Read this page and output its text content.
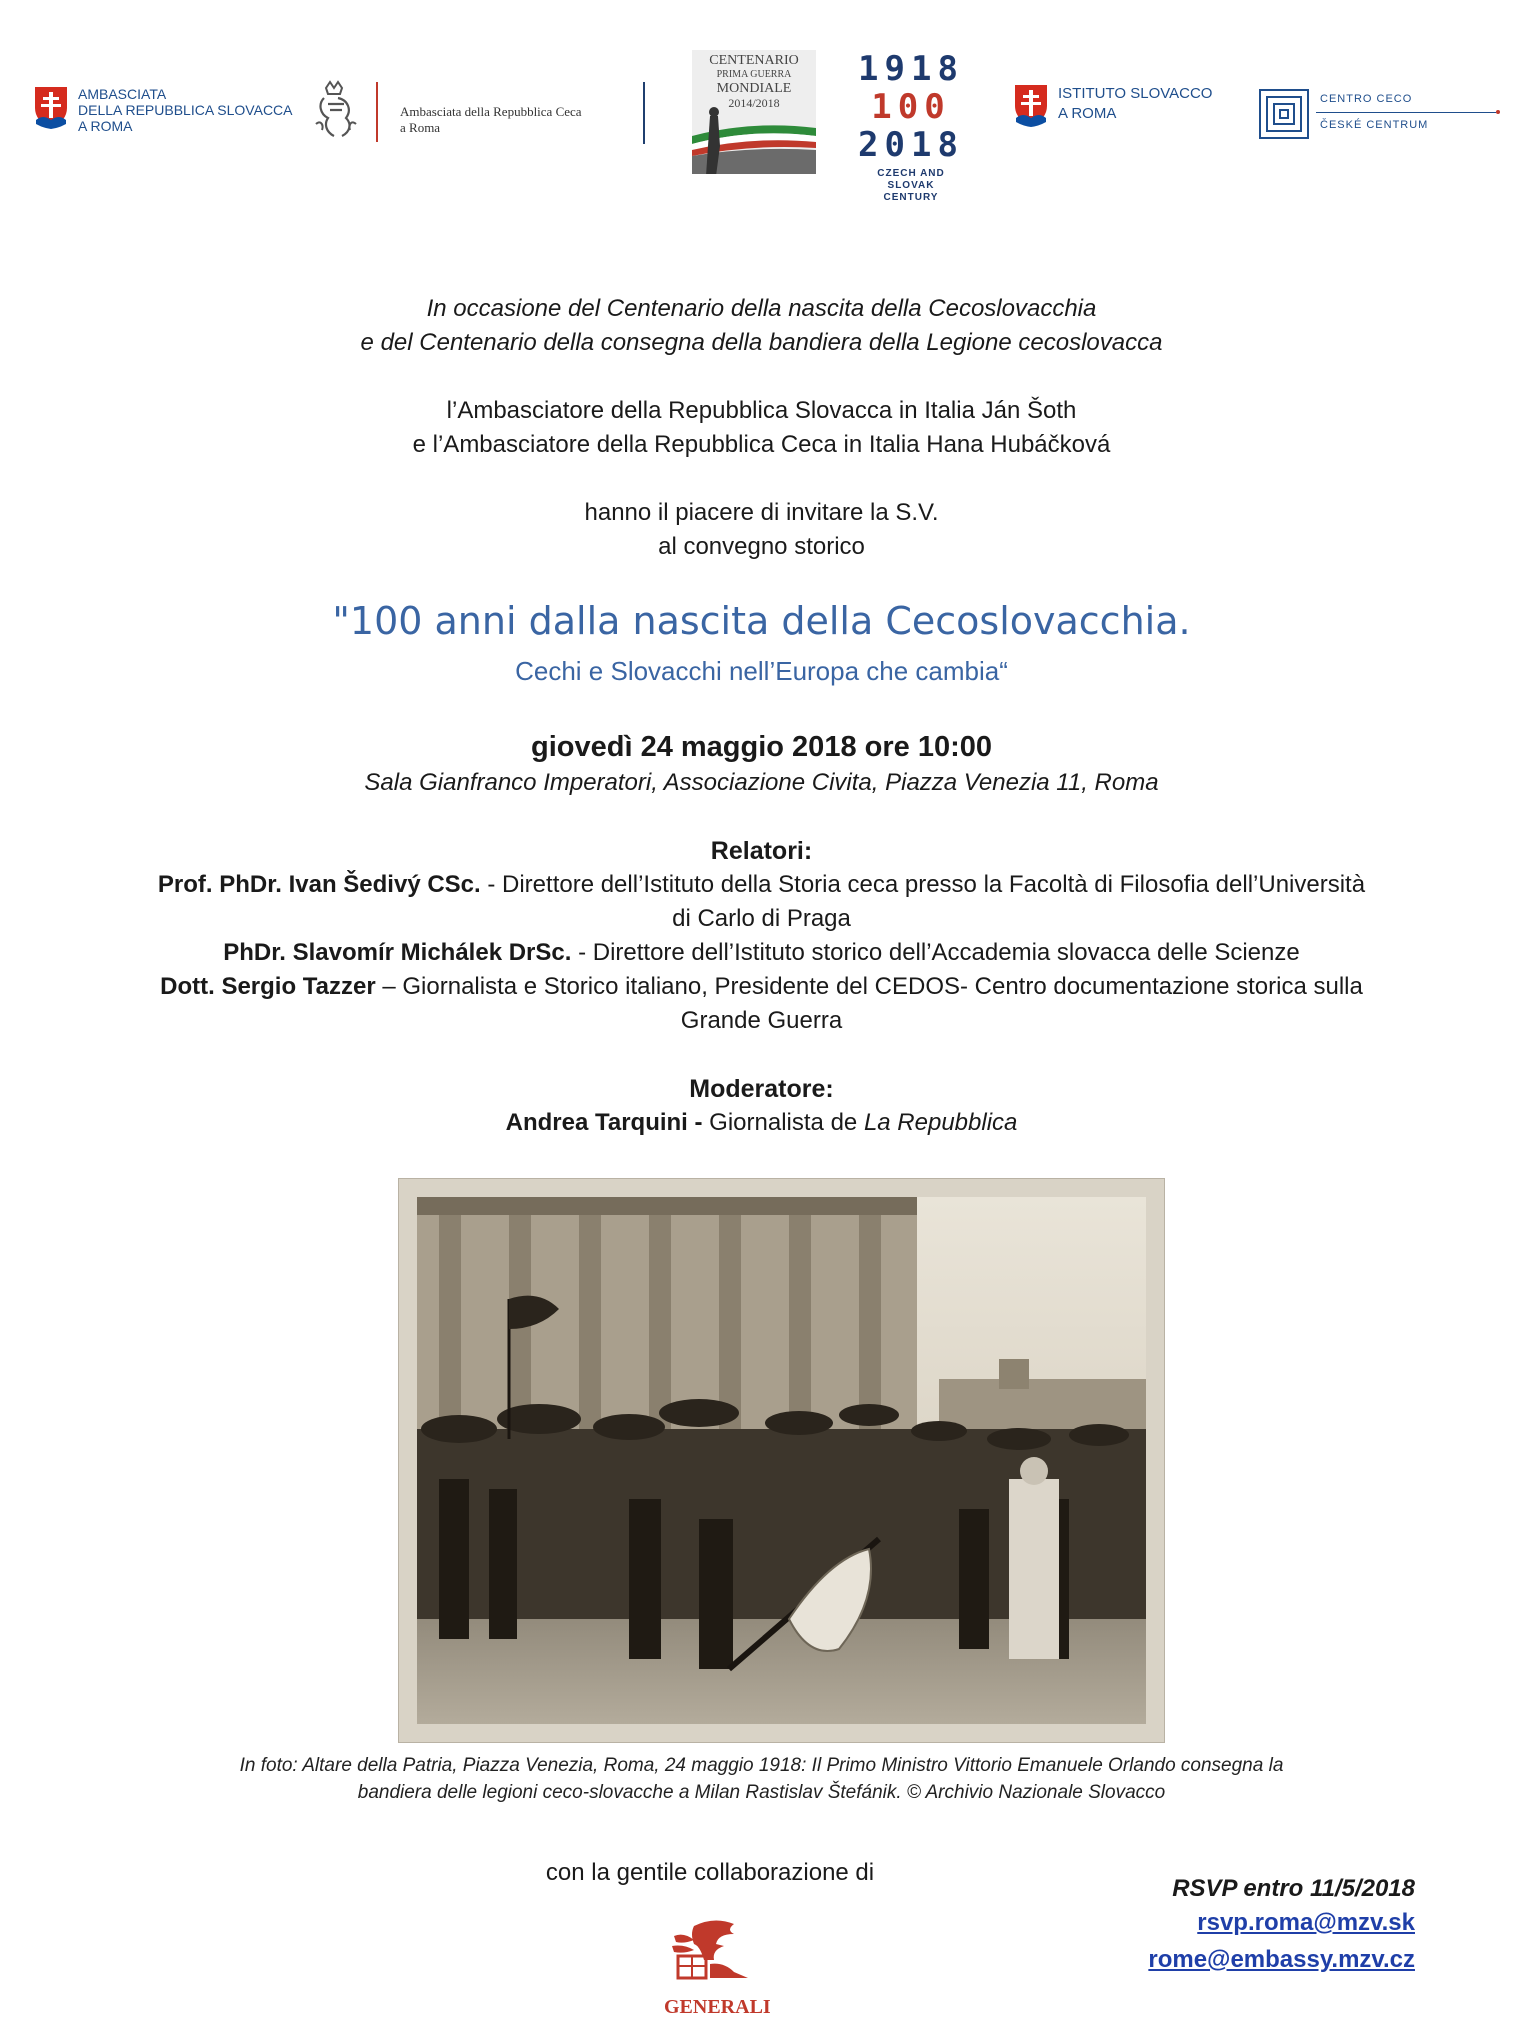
AMBASCIATA
DELLA REPUBBLICA SLOVACCA
A ROMA
Ambasciata della Repubblica Ceca
a Roma
CENTENARIO
PRIMA GUERRA
MONDIALE
2014/2018
1918
100
2018
CZECH AND SLOVAK
CENTURY
ISTITUTO SLOVACCO
A ROMA
CENTRO CECO
ČESKÉ CENTRUM
In occasione del Centenario della nascita della Cecoslovacchia
e del Centenario della consegna della bandiera della Legione cecoslovacca
l’Ambasciatore della Repubblica Slovacca in Italia Ján Šoth
e l’Ambasciatore della Repubblica Ceca in Italia Hana Hubáčková
hanno il piacere di invitare la S.V.
al convegno storico
"100 anni dalla nascita della Cecoslovacchia.
Cechi e Slovacchi nell’Europa che cambia“
giovedì 24 maggio 2018 ore 10:00
Sala Gianfranco Imperatori, Associazione Civita, Piazza Venezia 11, Roma
Relatori:
Prof. PhDr. Ivan Šedivý CSc. - Direttore dell’Istituto della Storia ceca presso la Facoltà di Filosofia dell’Università
di Carlo di Praga
PhDr. Slavomír Michálek DrSc. - Direttore dell’Istituto storico dell’Accademia slovacca delle Scienze
Dott. Sergio Tazzer – Giornalista e Storico italiano, Presidente del CEDOS- Centro documentazione storica sulla
Grande Guerra
Moderatore:
Andrea Tarquini - Giornalista de La Repubblica
In foto: Altare della Patria, Piazza Venezia, Roma, 24 maggio 1918: Il Primo Ministro Vittorio Emanuele Orlando consegna la
bandiera delle legioni ceco-slovacche a Milan Rastislav Štefánik. © Archivio Nazionale Slovacco
con la gentile collaborazione di
GENERALI
RSVP entro 11/5/2018
rsvp.roma@mzv.sk
rome@embassy.mzv.cz
